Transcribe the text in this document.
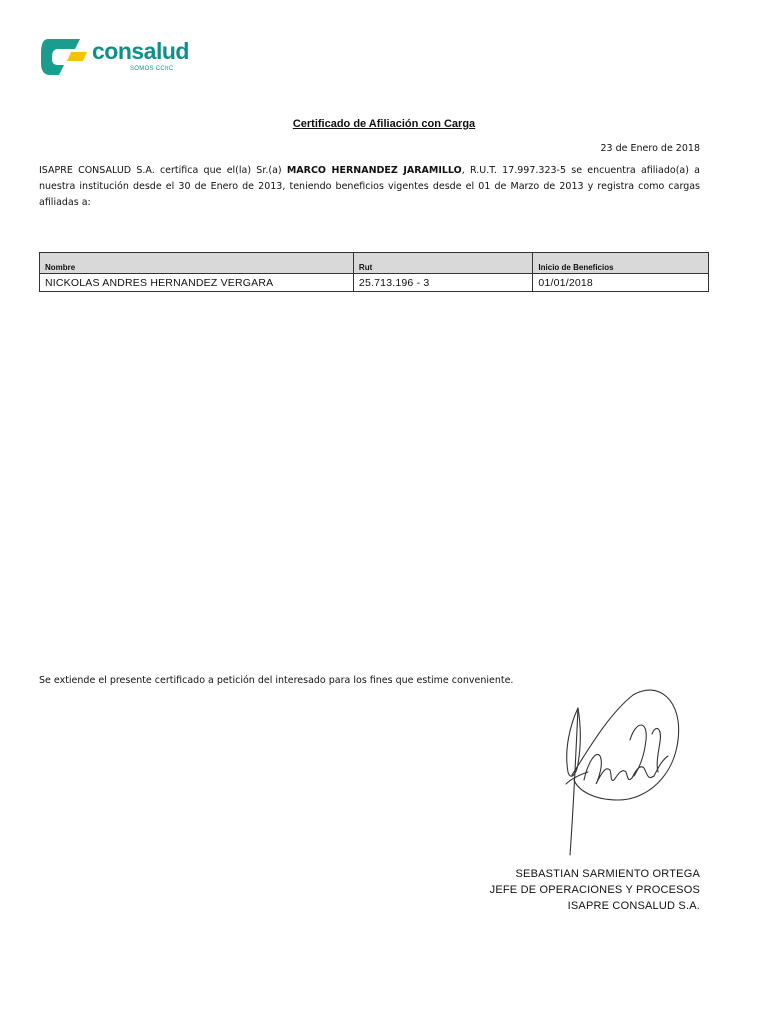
consalud
SOMOS CChC
Certificado de Afiliación con Carga
23 de Enero de 2018
ISAPRE CONSALUD S.A. certifica que el(la) Sr.(a) MARCO HERNANDEZ JARAMILLO, R.U.T. 17.997.323-5 se encuentra afiliado(a) a nuestra institución desde el 30 de Enero de 2013, teniendo beneficios vigentes desde el 01 de Marzo de 2013 y registra como cargas afiliadas a:
Nombre	Rut	Inicio de Beneficios
NICKOLAS ANDRES HERNANDEZ VERGARA	25.713.196 - 3	01/01/2018
Se extiende el presente certificado a petición del interesado para los fines que estime conveniente.
SEBASTIAN SARMIENTO ORTEGA
JEFE DE OPERACIONES Y PROCESOS
ISAPRE CONSALUD S.A.
